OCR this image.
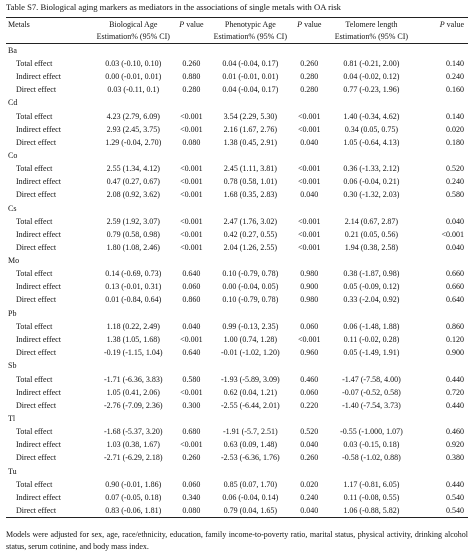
Table S7. Biological aging markers as mediators in the associations of single metals with OA risk
Metals	Biological Age	P value	Phenotypic Age	P value	Telomere length	P value
	Estimation% (95% CI)		Estimation% (95% CI)		Estimation% (95% CI)	
Ba						
Total effect	0.03 (-0.10, 0.10)	0.260	0.04 (-0.04, 0.17)	0.260	0.81 (-0.21, 2.00)	0.140
Indirect effect	0.00 (-0.01, 0.01)	0.880	0.01 (-0.01, 0.01)	0.280	0.04 (-0.02, 0.12)	0.240
Direct effect	0.03 (-0.11, 0.1)	0.280	0.04 (-0.04, 0.17)	0.280	0.77 (-0.23, 1.96)	0.160
Cd						
Total effect	4.23 (2.79, 6.09)	<0.001	3.54 (2.29, 5.30)	<0.001	1.40 (-0.34, 4.62)	0.140
Indirect effect	2.93 (2.45, 3.75)	<0.001	2.16 (1.67, 2.76)	<0.001	0.34 (0.05, 0.75)	0.020
Direct effect	1.29 (-0.04, 2.70)	0.080	1.38 (0.45, 2.91)	0.040	1.05 (-0.64, 4.13)	0.180
Co						
Total effect	2.55 (1.34, 4.12)	<0.001	2.45 (1.11, 3.81)	<0.001	0.36 (-1.33, 2.12)	0.520
Indirect effect	0.47 (0.27, 0.67)	<0.001	0.78 (0.58, 1.01)	<0.001	0.06 (-0.04, 0.21)	0.240
Direct effect	2.08 (0.92, 3.62)	<0.001	1.68 (0.35, 2.83)	0.040	0.30 (-1.32, 2.03)	0.580
Cs						
Total effect	2.59 (1.92, 3.07)	<0.001	2.47 (1.76, 3.02)	<0.001	2.14 (0.67, 2.87)	0.040
Indirect effect	0.79 (0.58, 0.98)	<0.001	0.42 (0.27, 0.55)	<0.001	0.21 (0.05, 0.56)	<0.001
Direct effect	1.80 (1.08, 2.46)	<0.001	2.04 (1.26, 2.55)	<0.001	1.94 (0.38, 2.58)	0.040
Mo						
Total effect	0.14 (-0.69, 0.73)	0.640	0.10 (-0.79, 0.78)	0.980	0.38 (-1.87, 0.98)	0.660
Indirect effect	0.13 (-0.01, 0.31)	0.060	0.00 (-0.04, 0.05)	0.900	0.05 (-0.09, 0.12)	0.660
Direct effect	0.01 (-0.84, 0.64)	0.860	0.10 (-0.79, 0.78)	0.980	0.33 (-2.04, 0.92)	0.640
Pb						
Total effect	1.18 (0.22, 2.49)	0.040	0.99 (-0.13, 2.35)	0.060	0.06 (-1.48, 1.88)	0.860
Indirect effect	1.38 (1.05, 1.68)	<0.001	1.00 (0.74, 1.28)	<0.001	0.11 (-0.02, 0.28)	0.120
Direct effect	-0.19 (-1.15, 1.04)	0.640	-0.01 (-1.02, 1.20)	0.960	0.05 (-1.49, 1.91)	0.900
Sb						
Total effect	-1.71 (-6.36, 3.83)	0.580	-1.93 (-5.89, 3.09)	0.460	-1.47 (-7.58, 4.00)	0.440
Indirect effect	1.05 (0.41, 2.06)	<0.001	0.62 (0.04, 1.21)	0.060	-0.07 (-0.52, 0.58)	0.720
Direct effect	-2.76 (-7.09, 2.36)	0.300	-2.55 (-6.44, 2.01)	0.220	-1.40 (-7.54, 3.73)	0.440
Tl						
Total effect	-1.68 (-5.37, 3.20)	0.680	-1.91 (-5.7, 2.51)	0.520	-0.55 (-1.000, 1.07)	0.460
Indirect effect	1.03 (0.38, 1.67)	<0.001	0.63 (0.09, 1.48)	0.040	0.03 (-0.15, 0.18)	0.920
Direct effect	-2.71 (-6.29, 2.18)	0.260	-2.53 (-6.36, 1.76)	0.260	-0.58 (-1.02, 0.88)	0.380
Tu						
Total effect	0.90 (-0.01, 1.86)	0.060	0.85 (0.07, 1.70)	0.020	1.17 (-0.81, 6.05)	0.440
Indirect effect	0.07 (-0.05, 0.18)	0.340	0.06 (-0.04, 0.14)	0.240	0.11 (-0.08, 0.55)	0.540
Direct effect	0.83 (-0.06, 1.81)	0.080	0.79 (0.04, 1.65)	0.040	1.06 (-0.88, 5.82)	0.540
Models were adjusted for sex, age, race/ethnicity, education, family income-to-poverty ratio, marital status, physical activity, drinking alcohol status, serum cotinine, and body mass index.
